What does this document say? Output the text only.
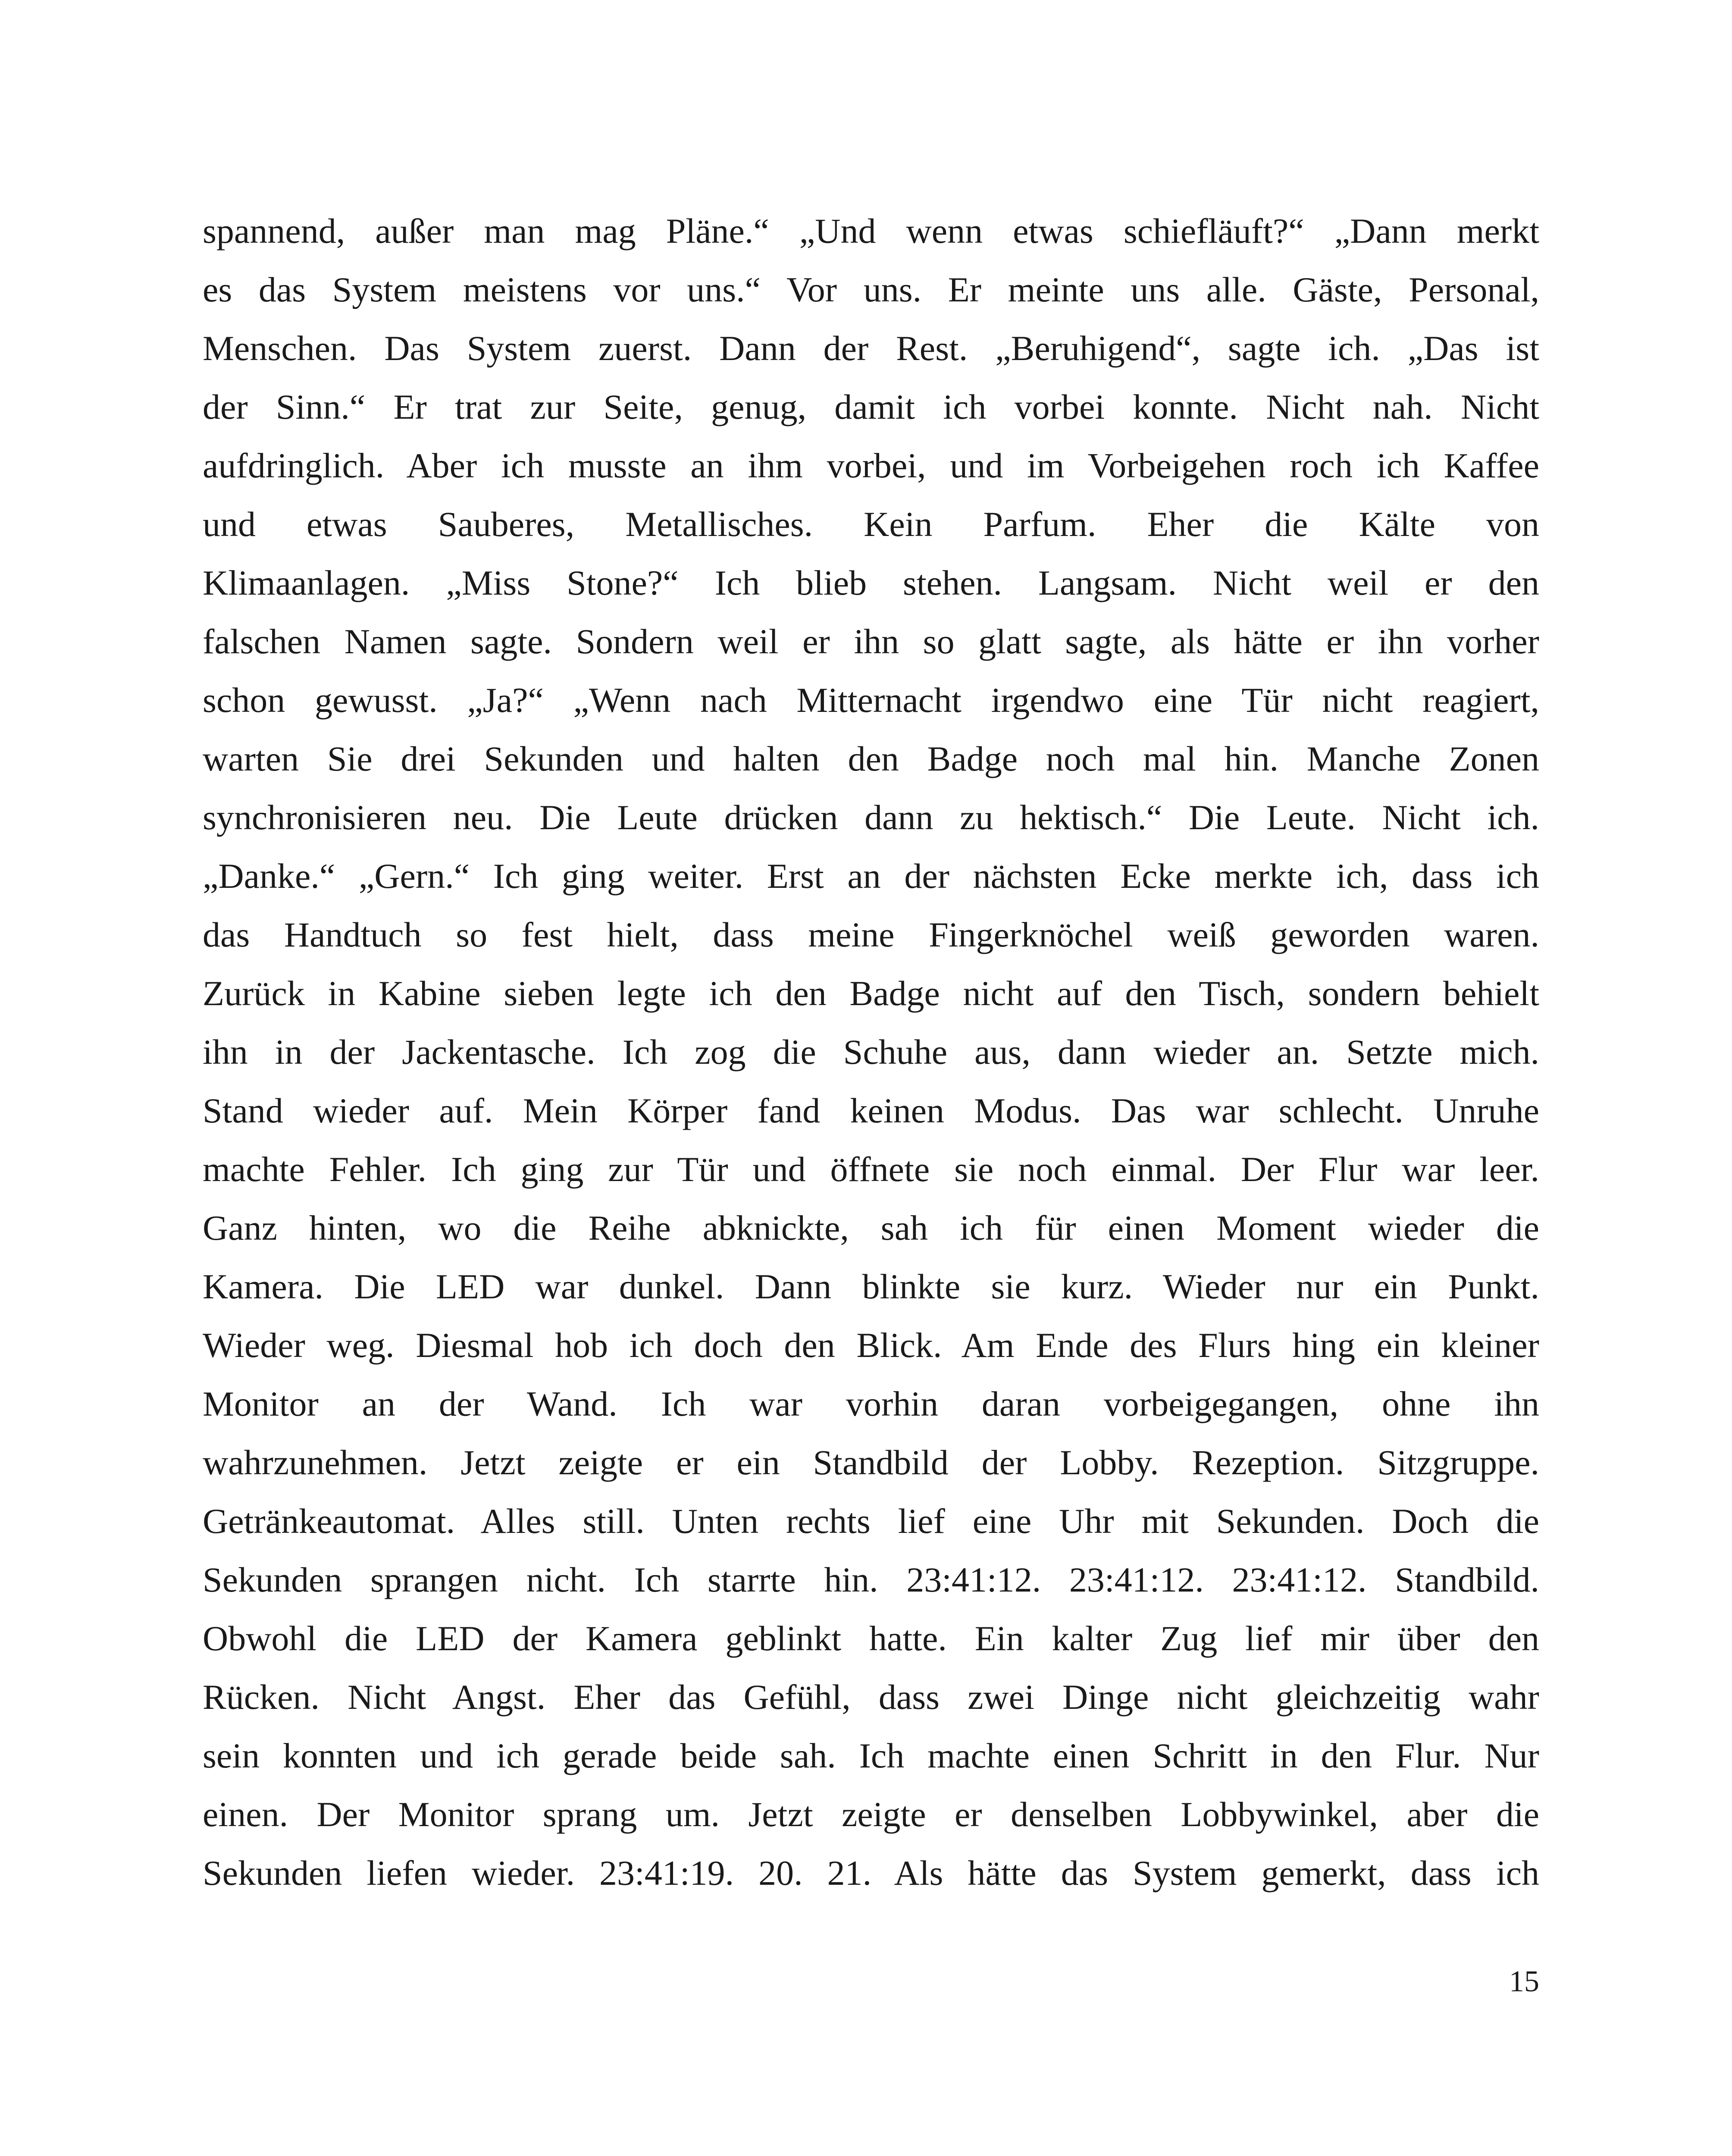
spannend, außer man mag Pläne.“ „Und wenn etwas schiefläuft?“ „Dann merkt
es das System meistens vor uns.“ Vor uns. Er meinte uns alle. Gäste, Personal,
Menschen. Das System zuerst. Dann der Rest. „Beruhigend“, sagte ich. „Das ist
der Sinn.“ Er trat zur Seite, genug, damit ich vorbei konnte. Nicht nah. Nicht
aufdringlich. Aber ich musste an ihm vorbei, und im Vorbeigehen roch ich Kaffee
und etwas Sauberes, Metallisches. Kein Parfum. Eher die Kälte von
Klimaanlagen. „Miss Stone?“ Ich blieb stehen. Langsam. Nicht weil er den
falschen Namen sagte. Sondern weil er ihn so glatt sagte, als hätte er ihn vorher
schon gewusst. „Ja?“ „Wenn nach Mitternacht irgendwo eine Tür nicht reagiert,
warten Sie drei Sekunden und halten den Badge noch mal hin. Manche Zonen
synchronisieren neu. Die Leute drücken dann zu hektisch.“ Die Leute. Nicht ich.
„Danke.“ „Gern.“ Ich ging weiter. Erst an der nächsten Ecke merkte ich, dass ich
das Handtuch so fest hielt, dass meine Fingerknöchel weiß geworden waren.
Zurück in Kabine sieben legte ich den Badge nicht auf den Tisch, sondern behielt
ihn in der Jackentasche. Ich zog die Schuhe aus, dann wieder an. Setzte mich.
Stand wieder auf. Mein Körper fand keinen Modus. Das war schlecht. Unruhe
machte Fehler. Ich ging zur Tür und öffnete sie noch einmal. Der Flur war leer.
Ganz hinten, wo die Reihe abknickte, sah ich für einen Moment wieder die
Kamera. Die LED war dunkel. Dann blinkte sie kurz. Wieder nur ein Punkt.
Wieder weg. Diesmal hob ich doch den Blick. Am Ende des Flurs hing ein kleiner
Monitor an der Wand. Ich war vorhin daran vorbeigegangen, ohne ihn
wahrzunehmen. Jetzt zeigte er ein Standbild der Lobby. Rezeption. Sitzgruppe.
Getränkeautomat. Alles still. Unten rechts lief eine Uhr mit Sekunden. Doch die
Sekunden sprangen nicht. Ich starrte hin. 23:41:12. 23:41:12. 23:41:12. Standbild.
Obwohl die LED der Kamera geblinkt hatte. Ein kalter Zug lief mir über den
Rücken. Nicht Angst. Eher das Gefühl, dass zwei Dinge nicht gleichzeitig wahr
sein konnten und ich gerade beide sah. Ich machte einen Schritt in den Flur. Nur
einen. Der Monitor sprang um. Jetzt zeigte er denselben Lobbywinkel, aber die
Sekunden liefen wieder. 23:41:19. 20. 21. Als hätte das System gemerkt, dass ich

15
